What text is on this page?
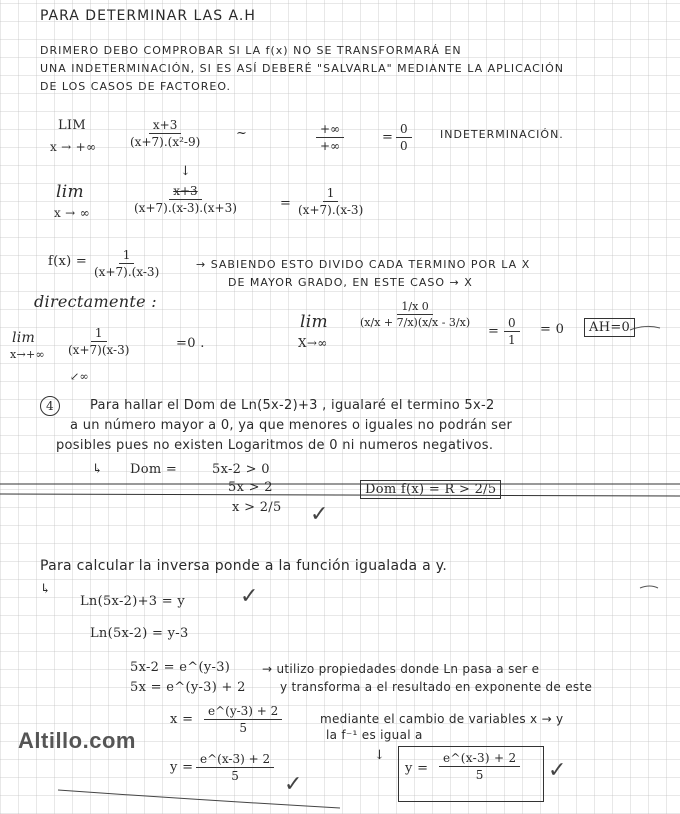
PARA DETERMINAR LAS A.H
DRIMERO DEBO COMPROBAR SI LA f(x) NO SE TRANSFORMARÁ EN
UNA INDETERMINACIÓN, SI ES ASÍ DEBERÉ "SALVARLA" MEDIANTE LA APLICACIÓN
DE LOS CASOS DE FACTOREO.
LIM
x → +∞ $\frac{x+3}{\text{(x+7).(x²-9)}}$ ~	+∞
+∞
= $\frac{0}{0}$	INDETERMINACIÓN.
↓
lim
x → ∞	$\frac{x+3}{(x+7).(x-3).(x+3)}$	= $\frac{1}{(x+7).(x-3)}$
$f(x) = \frac{1}{(x+7).(x-3)}$	→ SABIENDO ESTO DIVIDO CADA TERMINO POR LA X
DE MAYOR GRADO, EN ESTE CASO → X
directamente :
lim
$x\to+\infty \frac{1}{(x+7)(x-3)}$	=0 .
↙∞
lim
X→∞
$\frac{1/x 0}{(x/x + 7/x)(x/x - 3/x)}$
= $\frac{0}{1} = 0$	AH=0
4	Para hallar el Dom de Ln(5x-2)+3 , igualaré el termino 5x-2
a un número mayor a 0, ya que menores o iguales no podrán ser
posibles pues no existen Logaritmos de 0 ni numeros negativos.
↳ Dom =	5x-2 > 0
5x > 2
x > 2/5
Dom f(x) = R > 2/5
✓
Para calcular la inversa ponde a la función igualada a y.
↳
Ln(5x-2)+3 = y ✓
Ln(5x-2) = y-3
5x-2 = e^(y-3)
5x = e^(y-3) + 2
→ utilizo propiedades donde Ln pasa a ser e
y transforma a el resultado en exponente de este
$x = \frac{e\^{}(y-3) + 2}{5}$	mediante el cambio de variables x → y
la f⁻¹ es igual a
$y = \frac{e\^{}(x-3) + 2}{5}$
✓
↓
$y = \frac{e\^{}(x-3) + 2}{5}$ ✓
Altillo.com
